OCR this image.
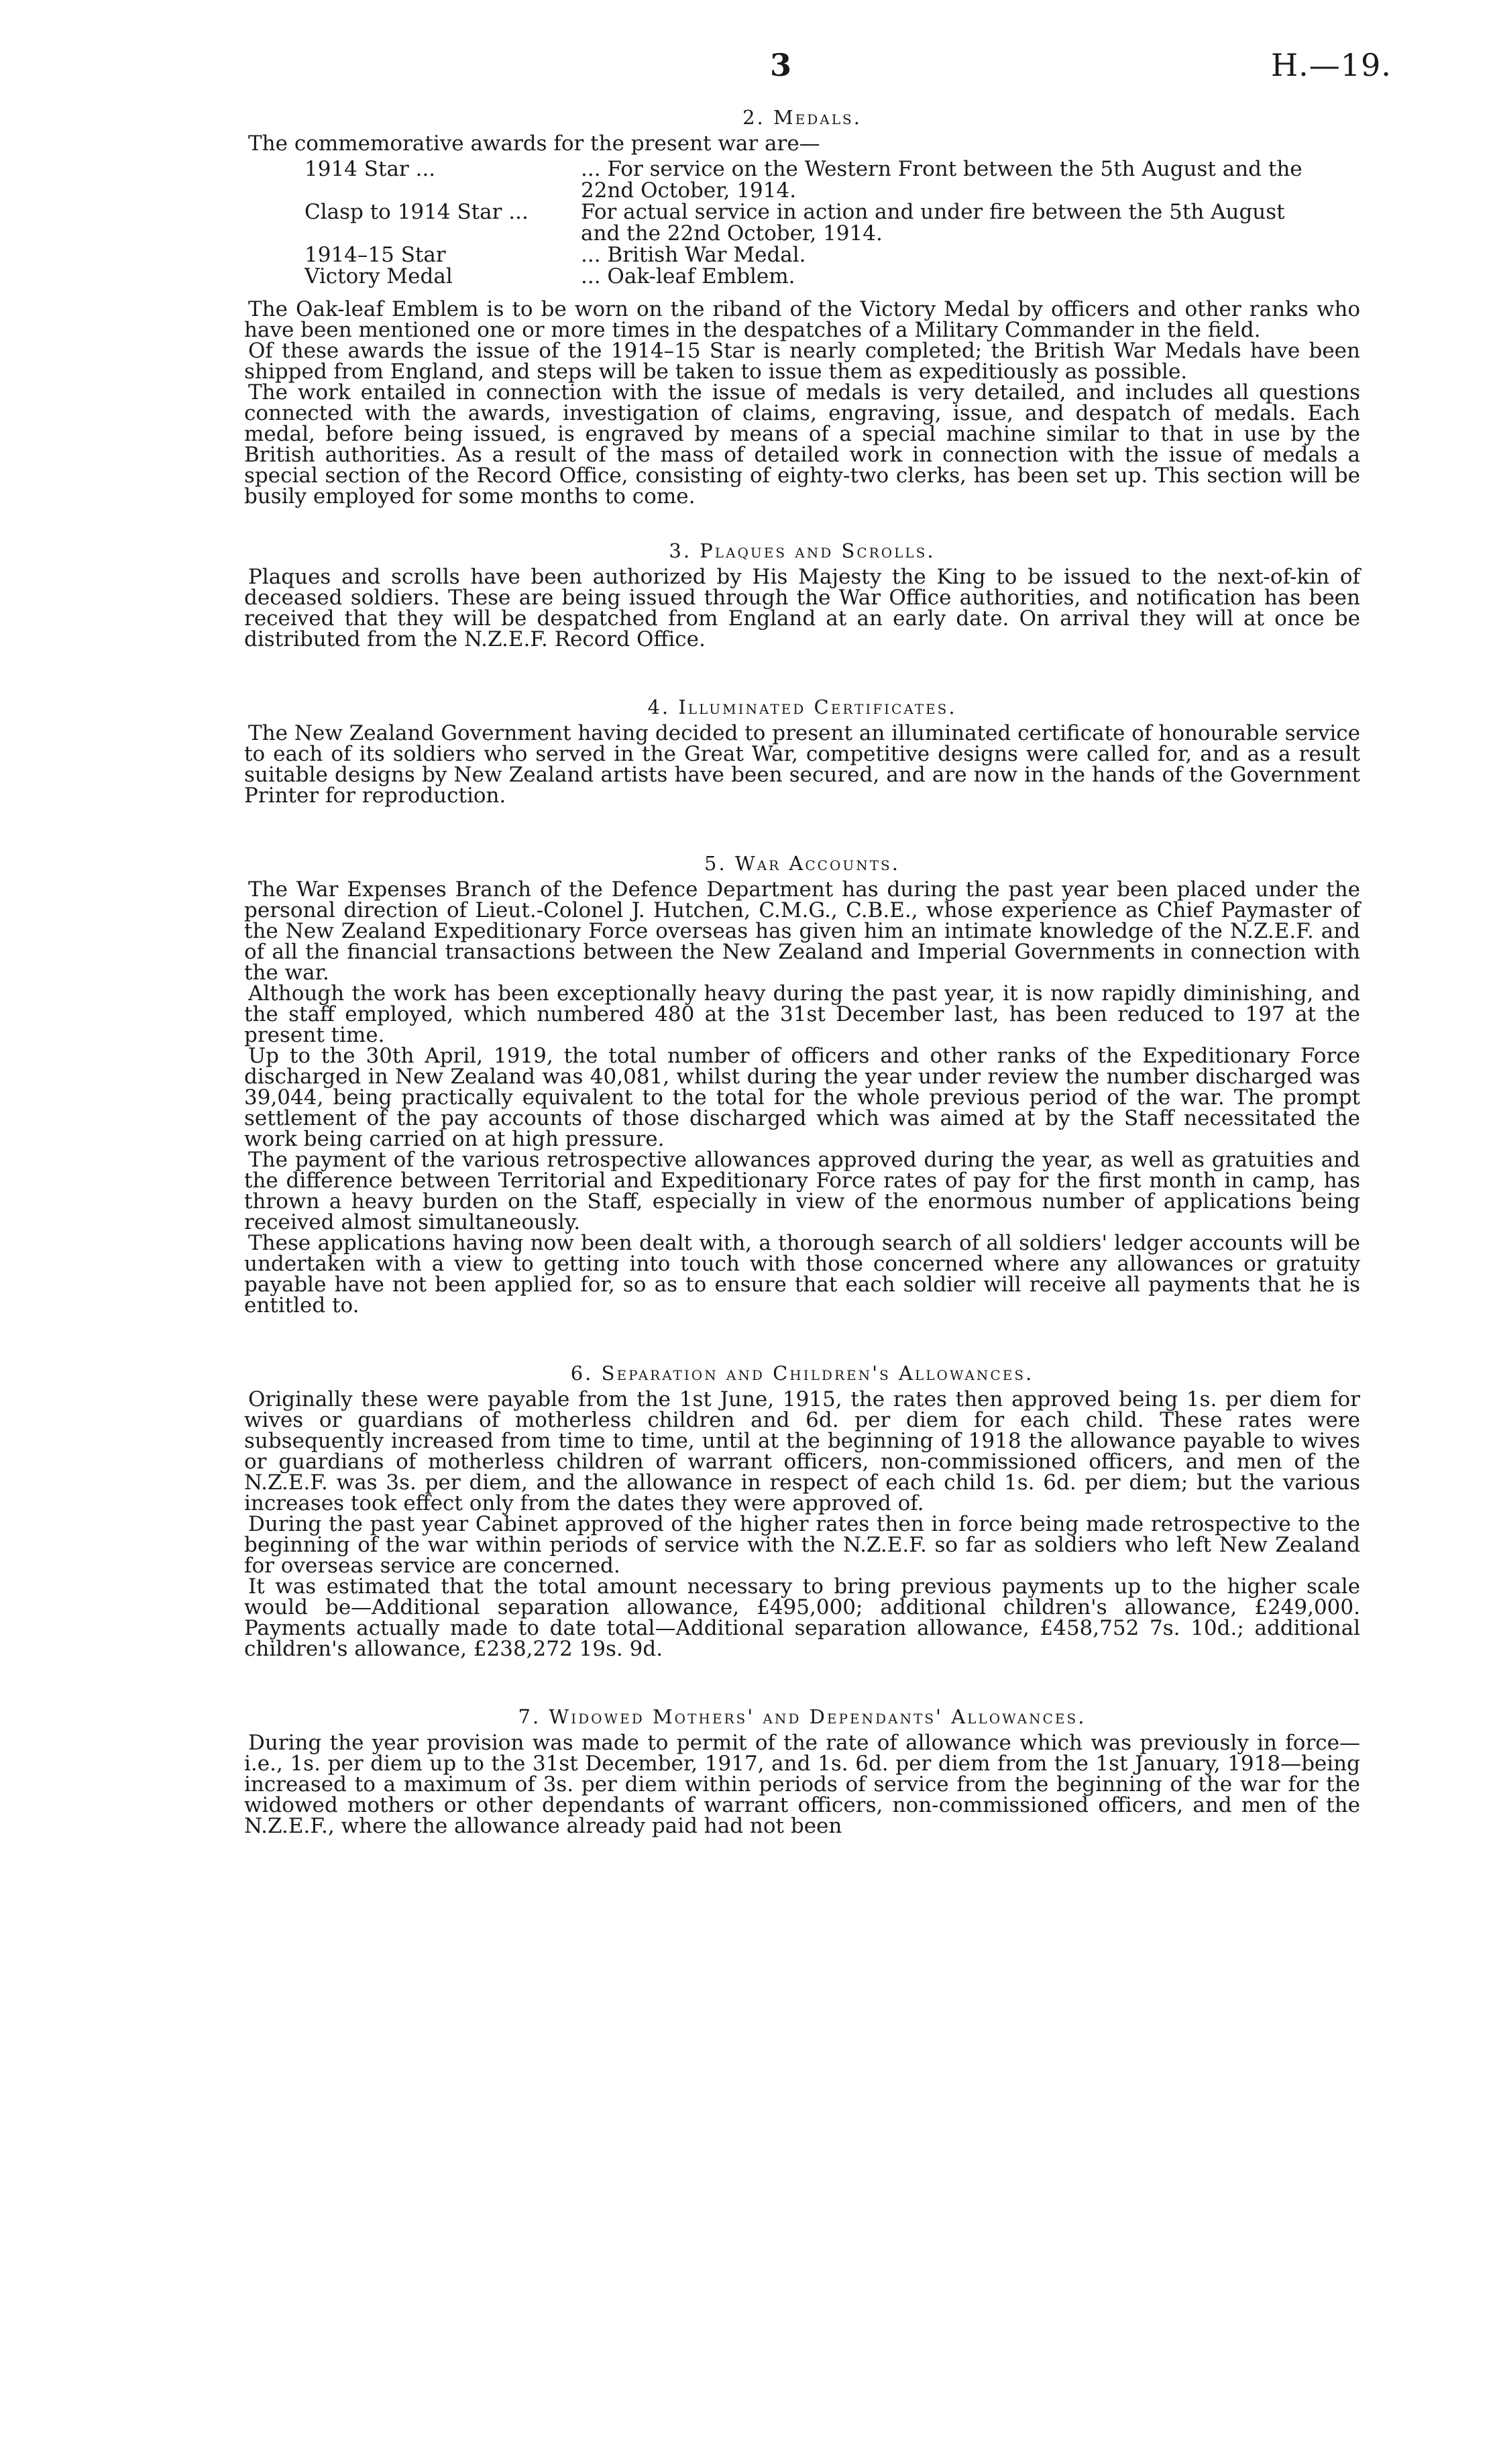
3	H.—19.
2. Medals.

The commemorative awards for the present war are—

1914 Star ...	... For service on the Western Front between the 5th August and the 22nd October, 1914.
Clasp to 1914 Star ...	For actual service in action and under fire between the 5th August and the 22nd October, 1914.
1914–15 Star	... British War Medal.
Victory Medal	... Oak-leaf Emblem.

The Oak-leaf Emblem is to be worn on the riband of the Victory Medal by officers and other ranks who have been mentioned one or more times in the despatches of a Military Commander in the field.

Of these awards the issue of the 1914–15 Star is nearly completed; the British War Medals have been shipped from England, and steps will be taken to issue them as expeditiously as possible.

The work entailed in connection with the issue of medals is very detailed, and includes all questions connected with the awards, investigation of claims, engraving, issue, and despatch of medals. Each medal, before being issued, is engraved by means of a special machine similar to that in use by the British authorities. As a result of the mass of detailed work in connection with the issue of medals a special section of the Record Office, consisting of eighty-two clerks, has been set up. This section will be busily employed for some months to come.

3. Plaques and Scrolls.

Plaques and scrolls have been authorized by His Majesty the King to be issued to the next-of-kin of deceased soldiers. These are being issued through the War Office authorities, and notification has been received that they will be despatched from England at an early date. On arrival they will at once be distributed from the N.Z.E.F. Record Office.

4. Illuminated Certificates.

The New Zealand Government having decided to present an illuminated certificate of honourable service to each of its soldiers who served in the Great War, competitive designs were called for, and as a result suitable designs by New Zealand artists have been secured, and are now in the hands of the Government Printer for reproduction.

5. War Accounts.

The War Expenses Branch of the Defence Department has during the past year been placed under the personal direction of Lieut.-Colonel J. Hutchen, C.M.G., C.B.E., whose experience as Chief Paymaster of the New Zealand Expeditionary Force overseas has given him an intimate knowledge of the N.Z.E.F. and of all the financial transactions between the New Zealand and Imperial Governments in connection with the war.

Although the work has been exceptionally heavy during the past year, it is now rapidly diminishing, and the staff employed, which numbered 480 at the 31st December last, has been reduced to 197 at the present time.

Up to the 30th April, 1919, the total number of officers and other ranks of the Expeditionary Force discharged in New Zealand was 40,081, whilst during the year under review the number discharged was 39,044, being practically equivalent to the total for the whole previous period of the war. The prompt settlement of the pay accounts of those discharged which was aimed at by the Staff necessitated the work being carried on at high pressure.

The payment of the various retrospective allowances approved during the year, as well as gratuities and the difference between Territorial and Expeditionary Force rates of pay for the first month in camp, has thrown a heavy burden on the Staff, especially in view of the enormous number of applications being received almost simultaneously.

These applications having now been dealt with, a thorough search of all soldiers' ledger accounts will be undertaken with a view to getting into touch with those concerned where any allowances or gratuity payable have not been applied for, so as to ensure that each soldier will receive all payments that he is entitled to.

6. Separation and Children's Allowances.

Originally these were payable from the 1st June, 1915, the rates then approved being 1s. per diem for wives or guardians of motherless children and 6d. per diem for each child. These rates were subsequently increased from time to time, until at the beginning of 1918 the allowance payable to wives or guardians of motherless children of warrant officers, non-commissioned officers, and men of the N.Z.E.F. was 3s. per diem, and the allowance in respect of each child 1s. 6d. per diem; but the various increases took effect only from the dates they were approved of.

During the past year Cabinet approved of the higher rates then in force being made retrospective to the beginning of the war within periods of service with the N.Z.E.F. so far as soldiers who left New Zealand for overseas service are concerned.

It was estimated that the total amount necessary to bring previous payments up to the higher scale would be—Additional separation allowance, £495,000; additional children's allowance, £249,000. Payments actually made to date total—Additional separation allowance, £458,752 7s. 10d.; additional children's allowance, £238,272 19s. 9d.

7. Widowed Mothers' and Dependants' Allowances.

During the year provision was made to permit of the rate of allowance which was previously in force—i.e., 1s. per diem up to the 31st December, 1917, and 1s. 6d. per diem from the 1st January, 1918—being increased to a maximum of 3s. per diem within periods of service from the beginning of the war for the widowed mothers or other dependants of warrant officers, non-commissioned officers, and men of the N.Z.E.F., where the allowance already paid had not been
